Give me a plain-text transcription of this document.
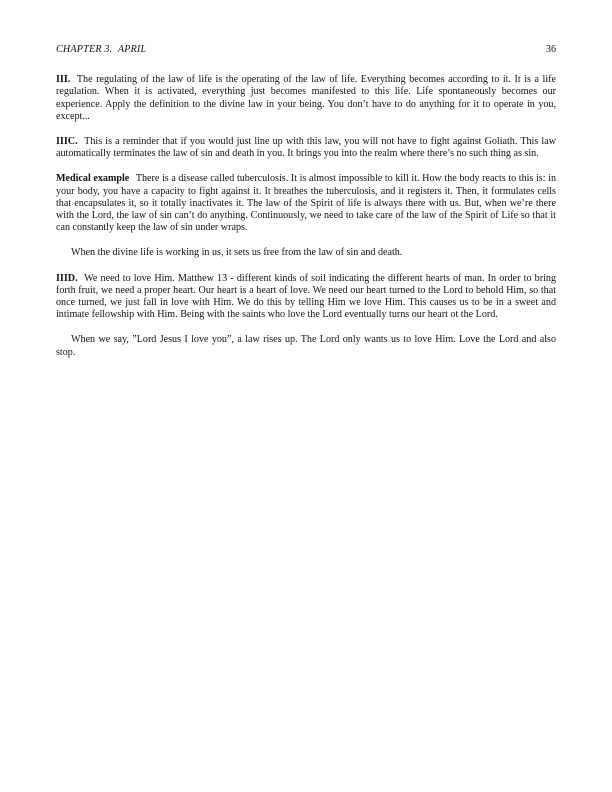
CHAPTER 3.  APRIL	36

III. The regulating of the law of life is the operating of the law of life. Everything becomes according to it. It is a life regulation. When it is activated, everything just becomes manifested to this life. Life spontaneously becomes our experience. Apply the definition to the divine law in your being. You don’t have to do anything for it to operate in you, except...

IIIC. This is a reminder that if you would just line up with this law, you will not have to fight against Goliath. This law automatically terminates the law of sin and death in you. It brings you into the realm where there’s no such thing as sin.

Medical example There is a disease called tuberculosis. It is almost impossible to kill it. How the body reacts to this is: in your body, you have a capacity to fight against it. It breathes the tuberculosis, and it registers it. Then, it formulates cells that encapsulates it, so it totally inactivates it. The law of the Spirit of life is always there with us. But, when we’re there with the Lord, the law of sin can’t do anything. Continuously, we need to take care of the law of the Spirit of Life so that it can constantly keep the law of sin under wraps.

When the divine life is working in us, it sets us free from the law of sin and death.

IIID. We need to love Him. Matthew 13 - different kinds of soil indicating the different hearts of man. In order to bring forth fruit, we need a proper heart. Our heart is a heart of love. We need our heart turned to the Lord to behold Him, so that once turned, we just fall in love with Him. We do this by telling Him we love Him. This causes us to be in a sweet and intimate fellowship with Him. Being with the saints who love the Lord eventually turns our heart ot the Lord.

When we say, ”Lord Jesus I love you”, a law rises up. The Lord only wants us to love Him. Love the Lord and also stop.
